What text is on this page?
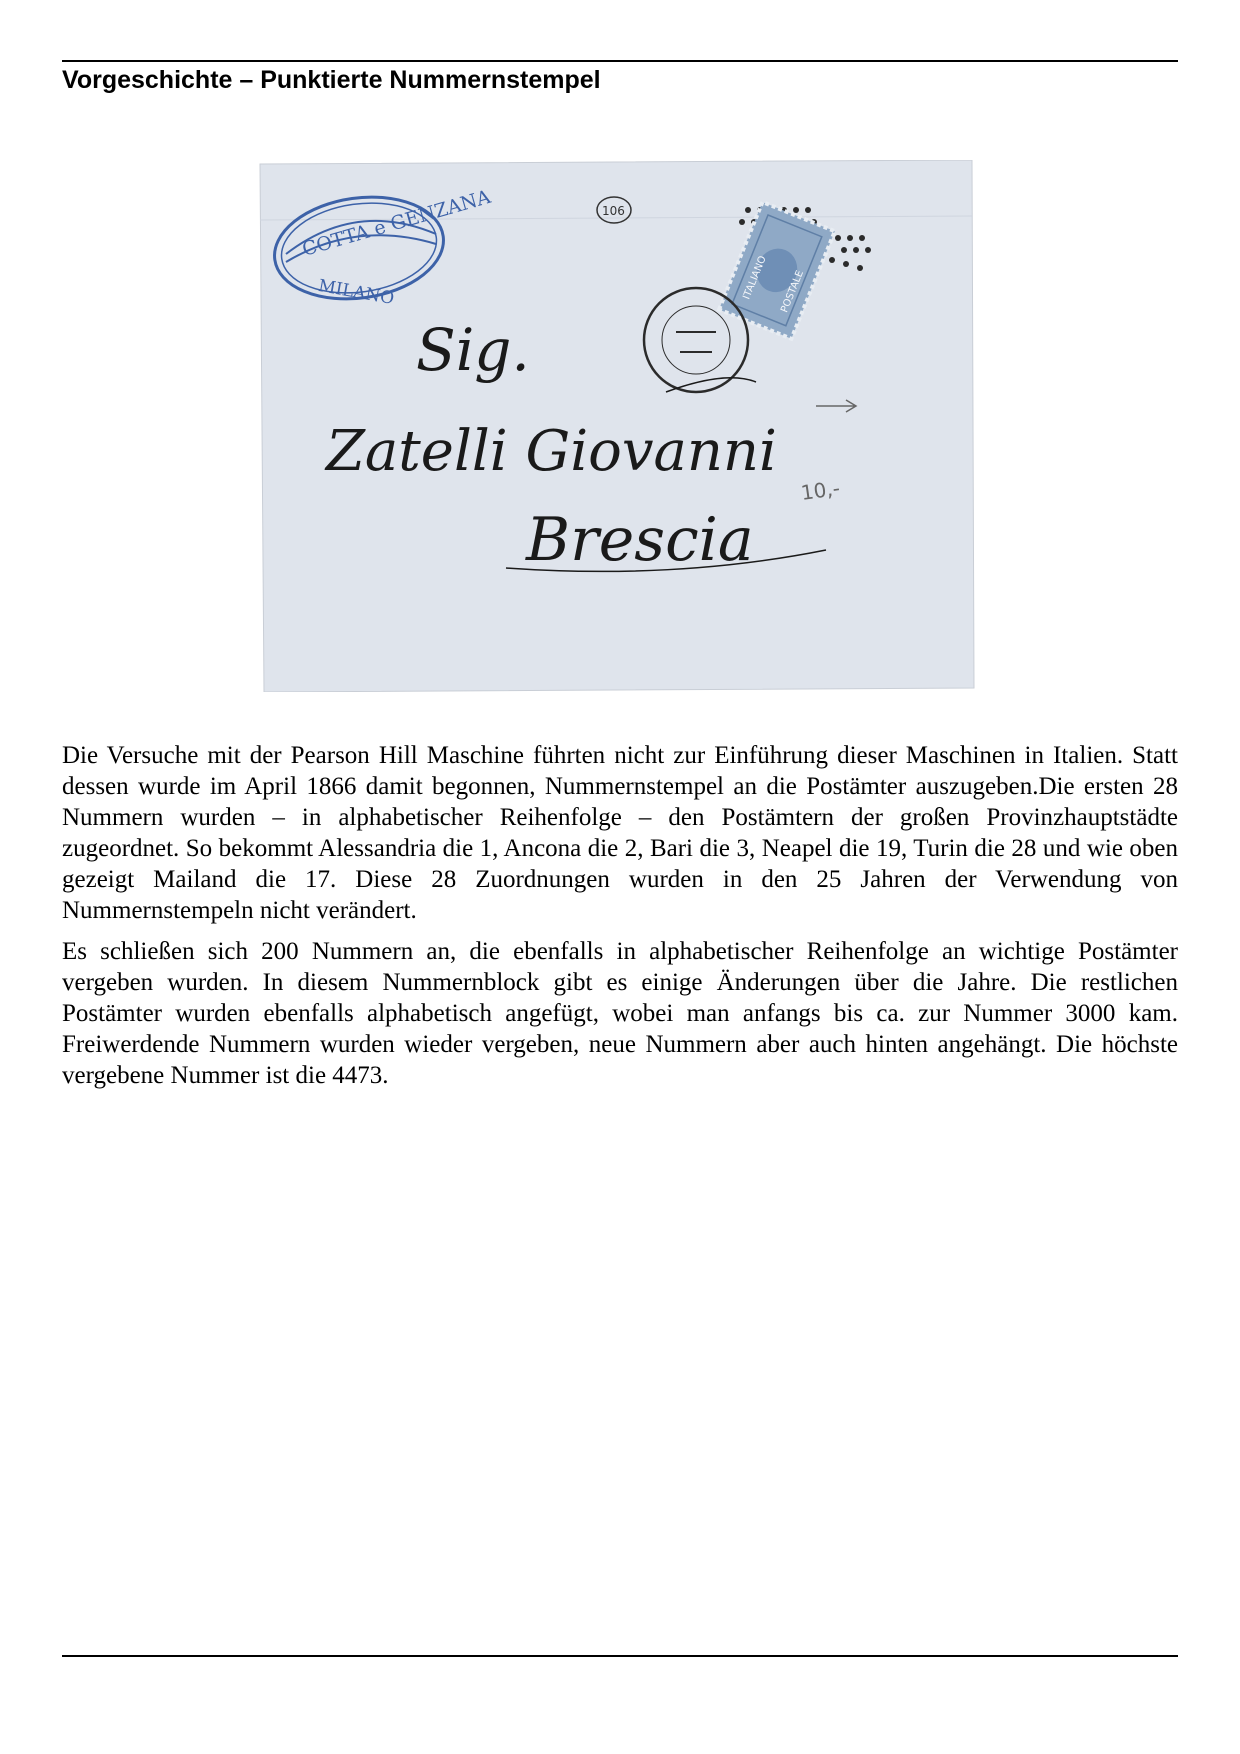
Vorgeschichte – Punktierte Nummernstempel
COTTA e GENZANA
MILANO
106
ITALIANO POSTALE
Sig.
Zatelli Giovanni
Brescia
10,-

Die Versuche mit der Pearson Hill Maschine führten nicht zur Einführung dieser Maschinen in Italien. Statt dessen wurde im April 1866 damit begonnen, Nummernstempel an die Postämter auszugeben.Die ersten 28 Nummern wurden – in alphabetischer Reihenfolge – den Postämtern der großen Provinzhauptstädte zugeordnet. So bekommt Alessandria die 1, Ancona die 2, Bari die 3, Neapel die 19, Turin die 28 und wie oben gezeigt Mailand die 17. Diese 28 Zuordnungen wurden in den 25 Jahren der Verwendung von Nummernstempeln nicht verändert.

Es schließen sich 200 Nummern an, die ebenfalls in alphabetischer Reihenfolge an wichtige Postämter vergeben wurden. In diesem Nummernblock gibt es einige Änderungen über die Jahre. Die restlichen Postämter wurden ebenfalls alphabetisch angefügt, wobei man anfangs bis ca. zur Nummer 3000 kam. Freiwerdende Nummern wurden wieder vergeben, neue Nummern aber auch hinten angehängt. Die höchste vergebene Nummer ist die 4473.
